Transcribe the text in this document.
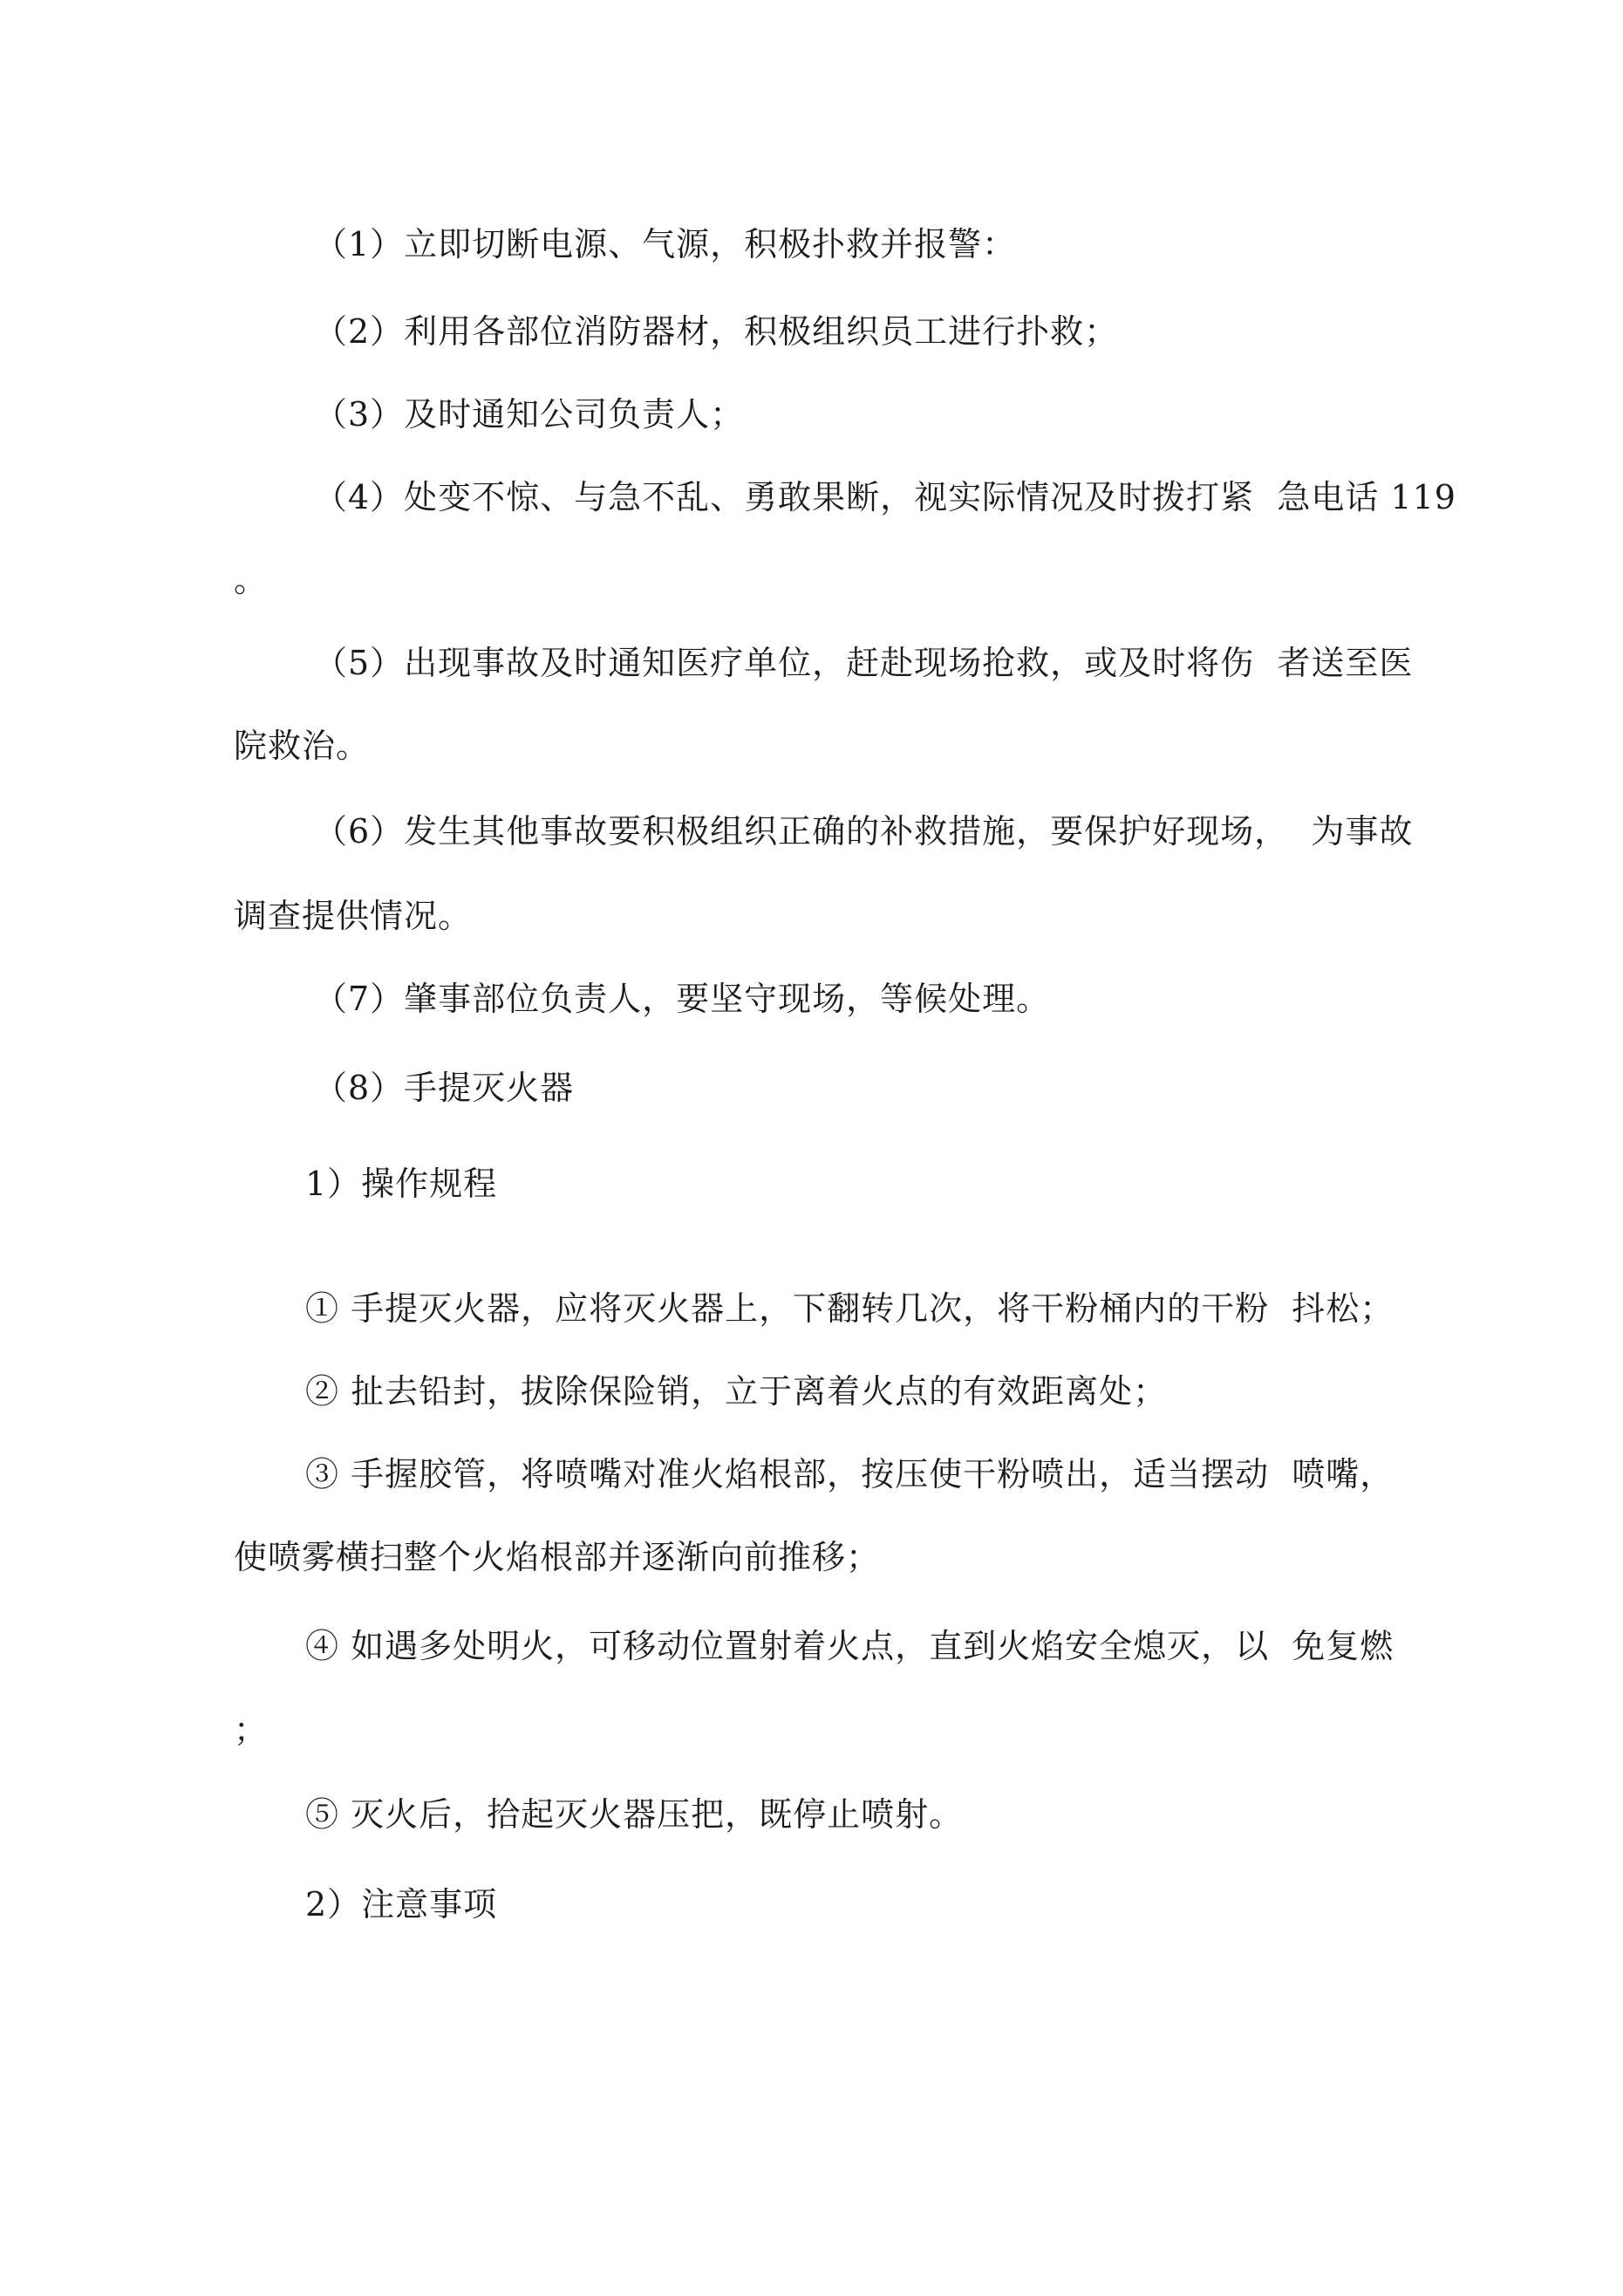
（1）立即切断电源、气源，积极扑救并报警：

（2）利用各部位消防器材，积极组织员工进行扑救；

（3）及时通知公司负责人；

（4）处变不惊、与急不乱、勇敢果断，视实际情况及时拨打紧  急电话 119

。

（5）出现事故及时通知医疗单位，赶赴现场抢救，或及时将伤  者送至医

院救治。

（6）发生其他事故要积极组织正确的补救措施，要保护好现场，  为事故

调查提供情况。

（7）肇事部位负责人，要坚守现场，等候处理。

（8）手提灭火器

1）操作规程

① 手提灭火器，应将灭火器上，下翻转几次，将干粉桶内的干粉  抖松；

② 扯去铅封，拔除保险销，立于离着火点的有效距离处；

③ 手握胶管，将喷嘴对准火焰根部，按压使干粉喷出，适当摆动  喷嘴，

使喷雾横扫整个火焰根部并逐渐向前推移；

④ 如遇多处明火，可移动位置射着火点，直到火焰安全熄灭，以  免复燃

；

⑤ 灭火后，拾起灭火器压把，既停止喷射。

2）注意事项
